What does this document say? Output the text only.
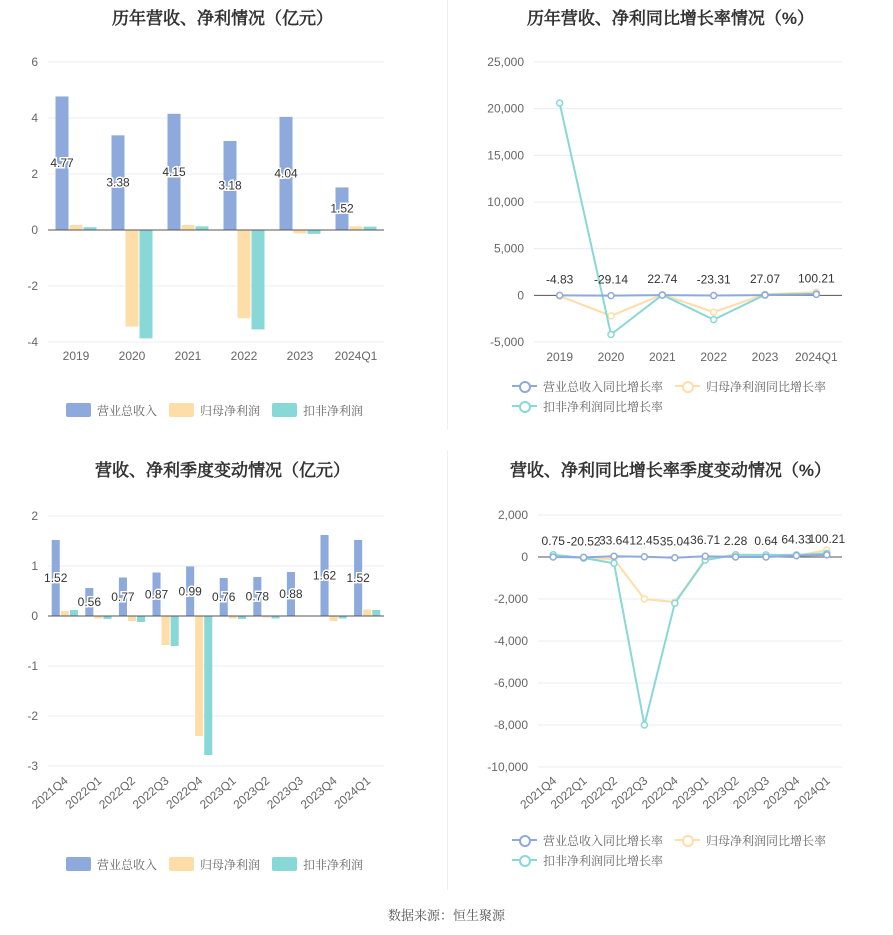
历年营收、净利情况（亿元）
-4
-2
0
2
4
6
2019 2020 2021 2022 2023 2024Q1
4.77
3.38
4.15
3.18
4.04
1.52
营业总收入	归母净利润	扣非净利润
历年营收、净利同比增长率情况（%）
-5,000
0
5,000
10,000
15,000
20,000
25,000
2019 2020 2021 2022 2023 2024Q1
-4.83 -29.14 22.74 -23.31 27.07 100.21
营业总收入同比增长率	归母净利润同比增长率
扣非净利润同比增长率
营收、净利季度变动情况（亿元）
-3
-2
-1
0
1
2
2021Q4
2022Q1
2022Q2
2022Q3
2022Q4
2023Q1
2023Q2
2023Q3
2023Q4
2024Q1
1.52
0.56 0.77 0.87 0.99 0.76 0.78 0.88
1.62 1.52
营业总收入	归母净利润	扣非净利润
营收、净利同比增长率季度变动情况（%）
-10,000
-8,000
-6,000
-4,000
-2,000
0
2,000
2021Q4
2022Q1
2022Q2
2022Q3
2022Q4
2023Q1
2023Q2
2023Q3
2023Q4
2024Q1
0.75 -20.52
33.64 12.45 35.04 36.71 2.28 0.64 64.33
100.21
营业总收入同比增长率	归母净利润同比增长率
扣非净利润同比增长率
数据来源：恒生聚源
